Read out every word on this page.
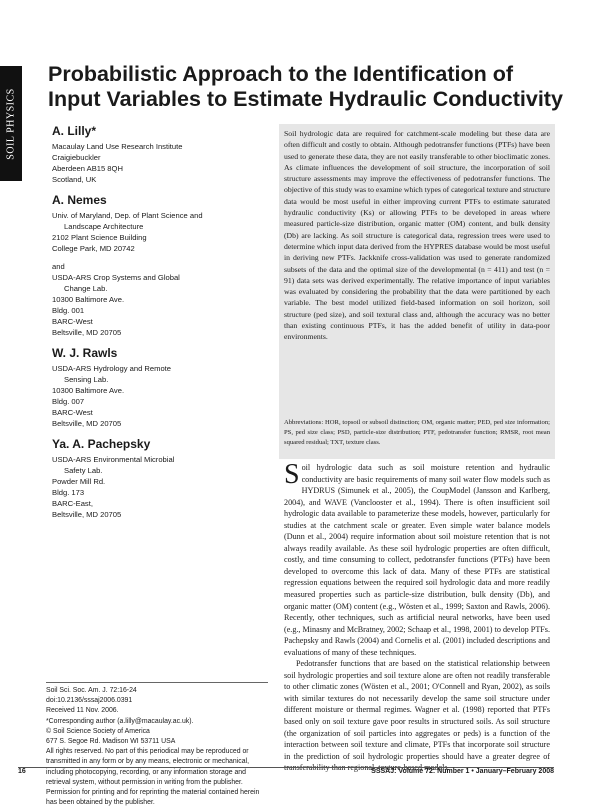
SOIL PHYSICS
Probabilistic Approach to the Identification of Input Variables to Estimate Hydraulic Conductivity

A. Lilly*

Macaulay Land Use Research Institute

Craigiebuckler

Aberdeen AB15 8QH

Scotland, UK

A. Nemes

Univ. of Maryland, Dep. of Plant Science and

Landscape Architecture

2102 Plant Science Building

College Park, MD 20742

and

USDA-ARS Crop Systems and Global

Change Lab.

10300 Baltimore Ave.

Bldg. 001

BARC-West

Beltsville, MD 20705

W. J. Rawls

USDA-ARS Hydrology and Remote

Sensing Lab.

10300 Baltimore Ave.

Bldg. 007

BARC-West

Beltsville, MD 20705

Ya. A. Pachepsky

USDA-ARS Environmental Microbial

Safety Lab.

Powder Mill Rd.

Bldg. 173

BARC-East,

Beltsville, MD 20705

Soil hydrologic data are required for catchment-scale modeling but these data are often difficult and costly to obtain. Although pedotransfer functions (PTFs) have been used to generate these data, they are not easily transferable to other bioclimatic zones. As climate influences the development of soil structure, the incorporation of soil structure assessments may improve the effectiveness of pedotransfer functions. The objective of this study was to examine which types of categorical texture and structure data would be most useful in either improving current PTFs to estimate saturated hydraulic conductivity (Ks) or allowing PTFs to be developed in areas where measured particle-size distribution, organic matter (OM) content, and bulk density (Db) are lacking. As soil structure is categorical data, regression trees were used to determine which input data derived from the HYPRES database would be most useful in deriving new PTFs. Jackknife cross-validation was used to generate randomized subsets of the data and the optimal size of the developmental (n = 411) and test (n = 91) data sets was derived experimentally. The relative importance of input variables was evaluated by considering the probability that the data were partitioned by each variable. The best model utilized field-based information on soil horizon, soil structure (ped size), and soil textural class and, although the accuracy was no better than existing continuous PTFs, it has the added benefit of utility in data-poor environments.

Abbreviations: HOR, topsoil or subsoil distinction; OM, organic matter; PED, ped size information; PS, ped size class; PSD, particle-size distribution; PTF, pedotransfer function; RMSR, root mean squared residual; TXT, texture class.

Soil hydrologic data such as soil moisture retention and hydraulic conductivity are basic requirements of many soil water flow models such as HYDRUS (Simunek et al., 2005), the CoupModel (Jansson and Karlberg, 2004), and WAVE (Vanclooster et al., 1994). There is often insufficient soil hydrologic data available to parameterize these models, however, particularly for studies at the catchment scale or greater. Even simple water balance models (Dunn et al., 2004) require information about soil moisture retention that is not always readily available. As these soil hydrologic properties are often difficult, costly, and time consuming to collect, pedotransfer functions (PTFs) have been developed to overcome this lack of data. Many of these PTFs are statistical regression equations between the required soil hydrologic data and more readily measured properties such as particle-size distribution, bulk density (Db), and organic matter (OM) content (e.g., Wösten et al., 1999; Saxton and Rawls, 2006). Recently, other techniques, such as artificial neural networks, have been used (e.g., Minasny and McBratney, 2002; Schaap et al., 1998, 2001) to develop PTFs. Pachepsky and Rawls (2004) and Cornelis et al. (2001) included descriptions and evaluations of many of these techniques.

Pedotransfer functions that are based on the statistical relationship between soil hydrologic properties and soil texture alone are often not readily transferable to other climatic zones (Wösten et al., 2001; O'Connell and Ryan, 2002), as soils with similar textures do not necessarily develop the same soil structure under different moisture or thermal regimes. Wagner et al. (1998) reported that PTFs based only on soil texture gave poor results in structured soils. As soil structure (the organization of soil particles into aggregates or peds) is a function of the interaction between soil texture and climate, PTFs that incorporate soil structure in the prediction of soil hydrologic properties should have a greater degree of transferability than regional, texture-based models.

Soil Sci. Soc. Am. J. 72:16-24
doi:10.2136/sssaj2006.0391
Received 11 Nov. 2006.
*Corresponding author (a.lilly@macaulay.ac.uk).
© Soil Science Society of America
677 S. Segoe Rd. Madison WI 53711 USA
All rights reserved. No part of this periodical may be reproduced or transmitted in any form or by any means, electronic or mechanical, including photocopying, recording, or any information storage and retrieval system, without permission in writing from the publisher. Permission for printing and for reprinting the material contained herein has been obtained by the publisher.
16	SSSAJ: Volume 72: Number 1 • January–February 2008
